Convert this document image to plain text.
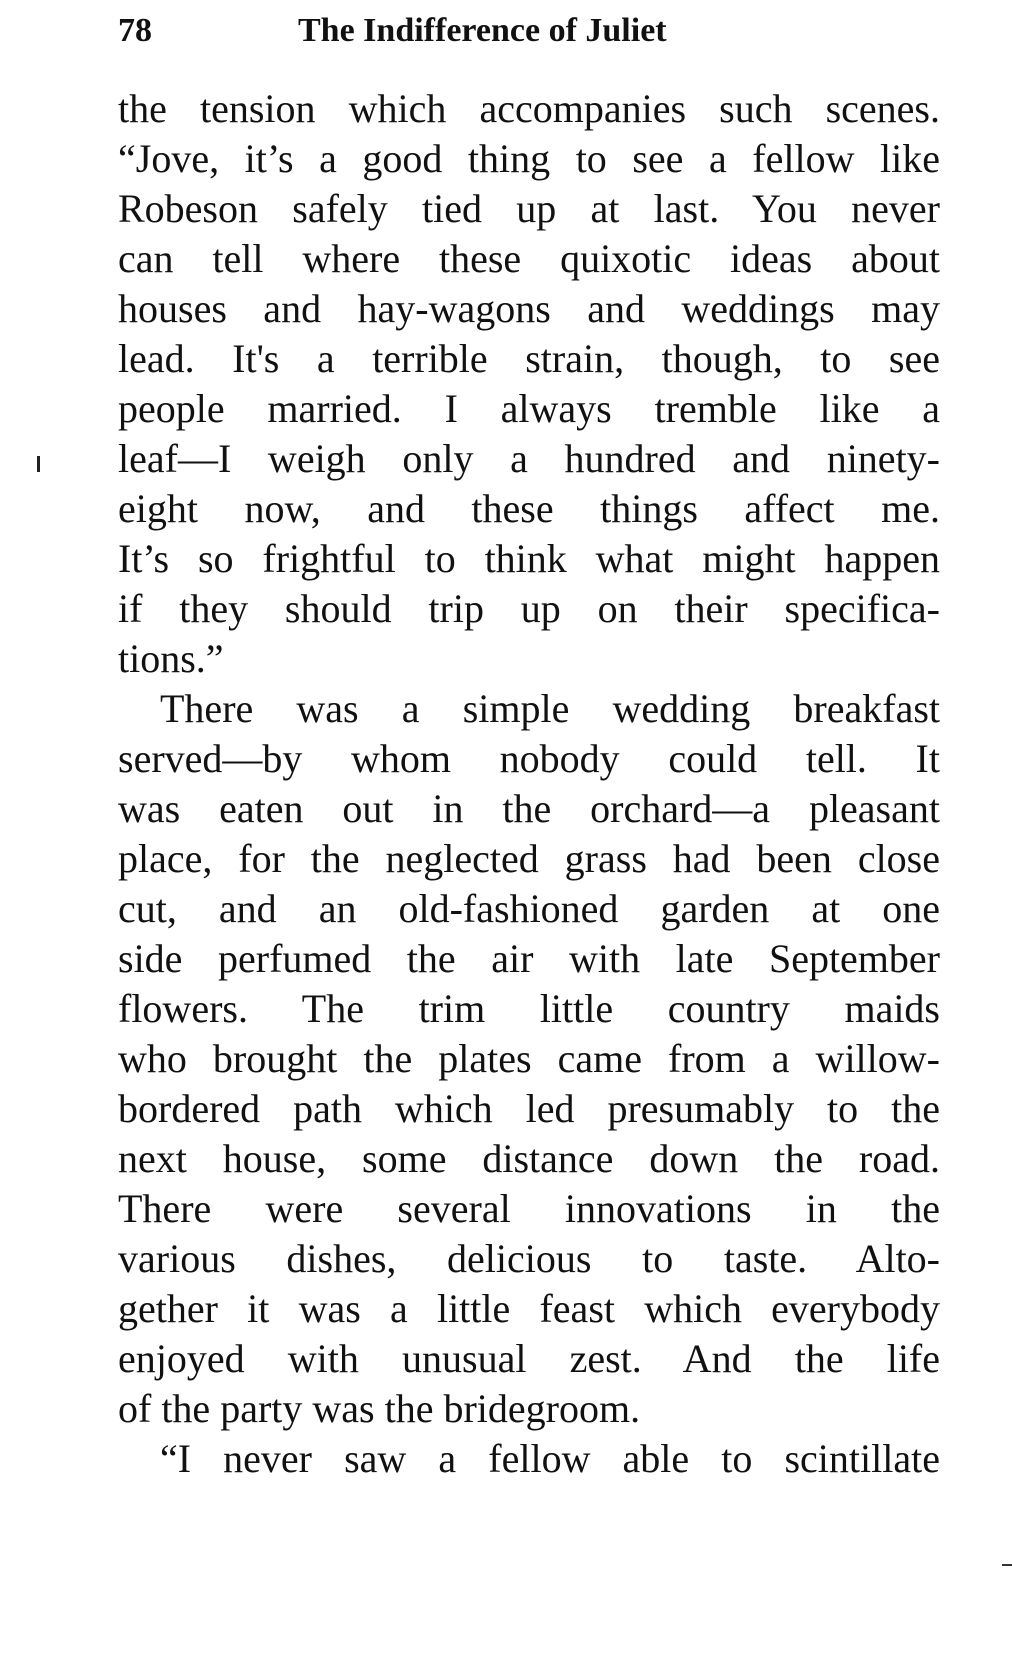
78	The Indifference of Juliet
the tension which accompanies such scenes.
“Jove, it’s a good thing to see a fellow like
Robeson safely tied up at last. You never
can tell where these quixotic ideas about
houses and hay-wagons and weddings may
lead. It's a terrible strain, though, to see
people married. I always tremble like a
leaf—I weigh only a hundred and ninety-
eight now, and these things affect me.
It’s so frightful to think what might happen
if they should trip up on their specifica-
tions.”
There was a simple wedding breakfast
served—by whom nobody could tell. It
was eaten out in the orchard—a pleasant
place, for the neglected grass had been close
cut, and an old-fashioned garden at one
side perfumed the air with late September
flowers. The trim little country maids
who brought the plates came from a willow-
bordered path which led presumably to the
next house, some distance down the road.
There were several innovations in the
various dishes, delicious to taste. Alto-
gether it was a little feast which everybody
enjoyed with unusual zest. And the life
of the party was the bridegroom.
“I never saw a fellow able to scintillate
